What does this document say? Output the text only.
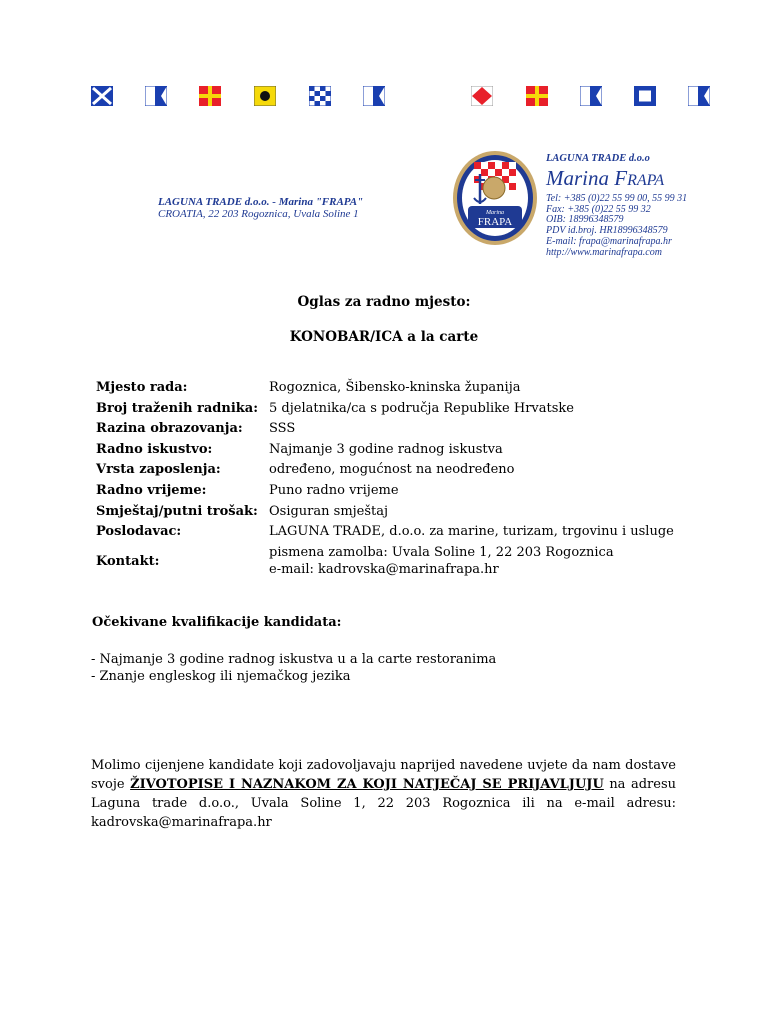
LAGUNA TRADE d.o.o. - Marina "FRAPA"
CROATIA, 22 203 Rogoznica, Uvala Soline 1	Marina
FRAPA
LAGUNA TRADE d.o.o
Marina FRAPA
Tel: +385 (0)22 55 99 00, 55 99 31
Fax: +385 (0)22 55 99 32
OIB: 18996348579
PDV id.broj. HR18996348579
E-mail: frapa@marinafrapa.hr
http://www.marinafrapa.com
Oglas za radno mjesto:
KONOBAR/ICA a la carte
Mjesto rada:	Rogoznica, Šibensko-kninska županija
Broj traženih radnika: 5 djelatnika/ca s područja Republike Hrvatske
Razina obrazovanja: SSS
Radno iskustvo:	Najmanje 3 godine radnog iskustva
Vrsta zaposlenja:	određeno, mogućnost na neodređeno
Radno vrijeme:	Puno radno vrijeme
Smještaj/putni trošak: Osiguran smještaj
Poslodavac:	LAGUNA TRADE, d.o.o. za marine, turizam, trgovinu i usluge
Kontakt:
pismena zamolba: Uvala Soline 1, 22 203 Rogoznica
e-mail: kadrovska@marinafrapa.hr
Očekivane kvalifikacije kandidata:
- Najmanje 3 godine radnog iskustva u a la carte restoranima
- Znanje engleskog ili njemačkog jezika
Molimo cijenjene kandidate koji zadovoljavaju naprijed navedene uvjete da nam dostave svoje ŽIVOTOPISE I NAZNAKOM ZA KOJI NATJEČAJ SE PRIJAVLJUJU na adresu Laguna trade d.o.o., Uvala Soline 1, 22 203 Rogoznica ili na e-mail adresu: kadrovska@marinafrapa.hr
